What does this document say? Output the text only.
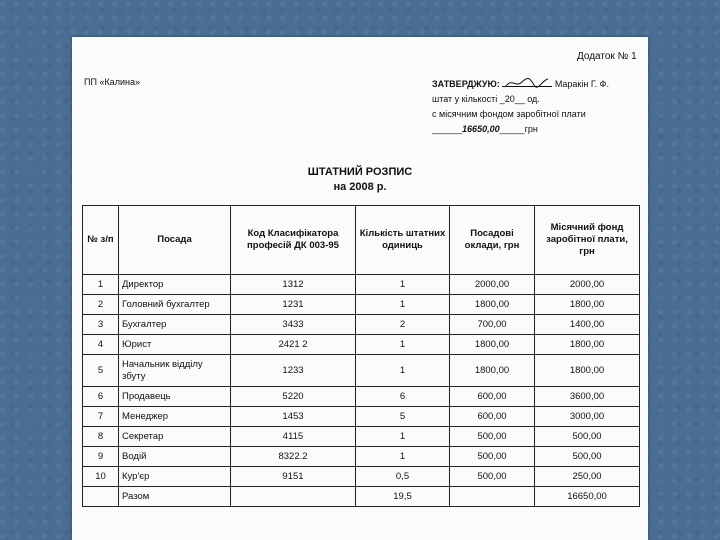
Додаток № 1
ПП «Калина»	ЗАТВЕРДЖУЮ:	Маракін Г. Ф.
штат у кількості _20__ од.
с місячним фондом заробітної плати
______16650,00_____грн
ШТАТНИЙ РОЗПИС
на 2008 р.
№ з/п	Посада	Код Класифікатора професій ДК 003-95	Кількість штатних одиниць	Посадові оклади, грн	Місячний фонд заробітної плати, грн
1	Директор	1312	1	2000,00	2000,00
2	Головний бухгалтер	1231	1	1800,00	1800,00
3	Бухгалтер	3433	2	700,00	1400,00
4	Юрист	2421 2	1	1800,00	1800,00
5	Начальник відділу збуту	1233	1	1800,00	1800,00
6	Продавець	5220	6	600,00	3600,00
7	Менеджер	1453	5	600,00	3000,00
8	Секретар	4115	1	500,00	500,00
9	Водій	8322.2	1	500,00	500,00
10	Кур'єр	9151	0,5	500,00	250,00
	Разом		19,5		16650,00
